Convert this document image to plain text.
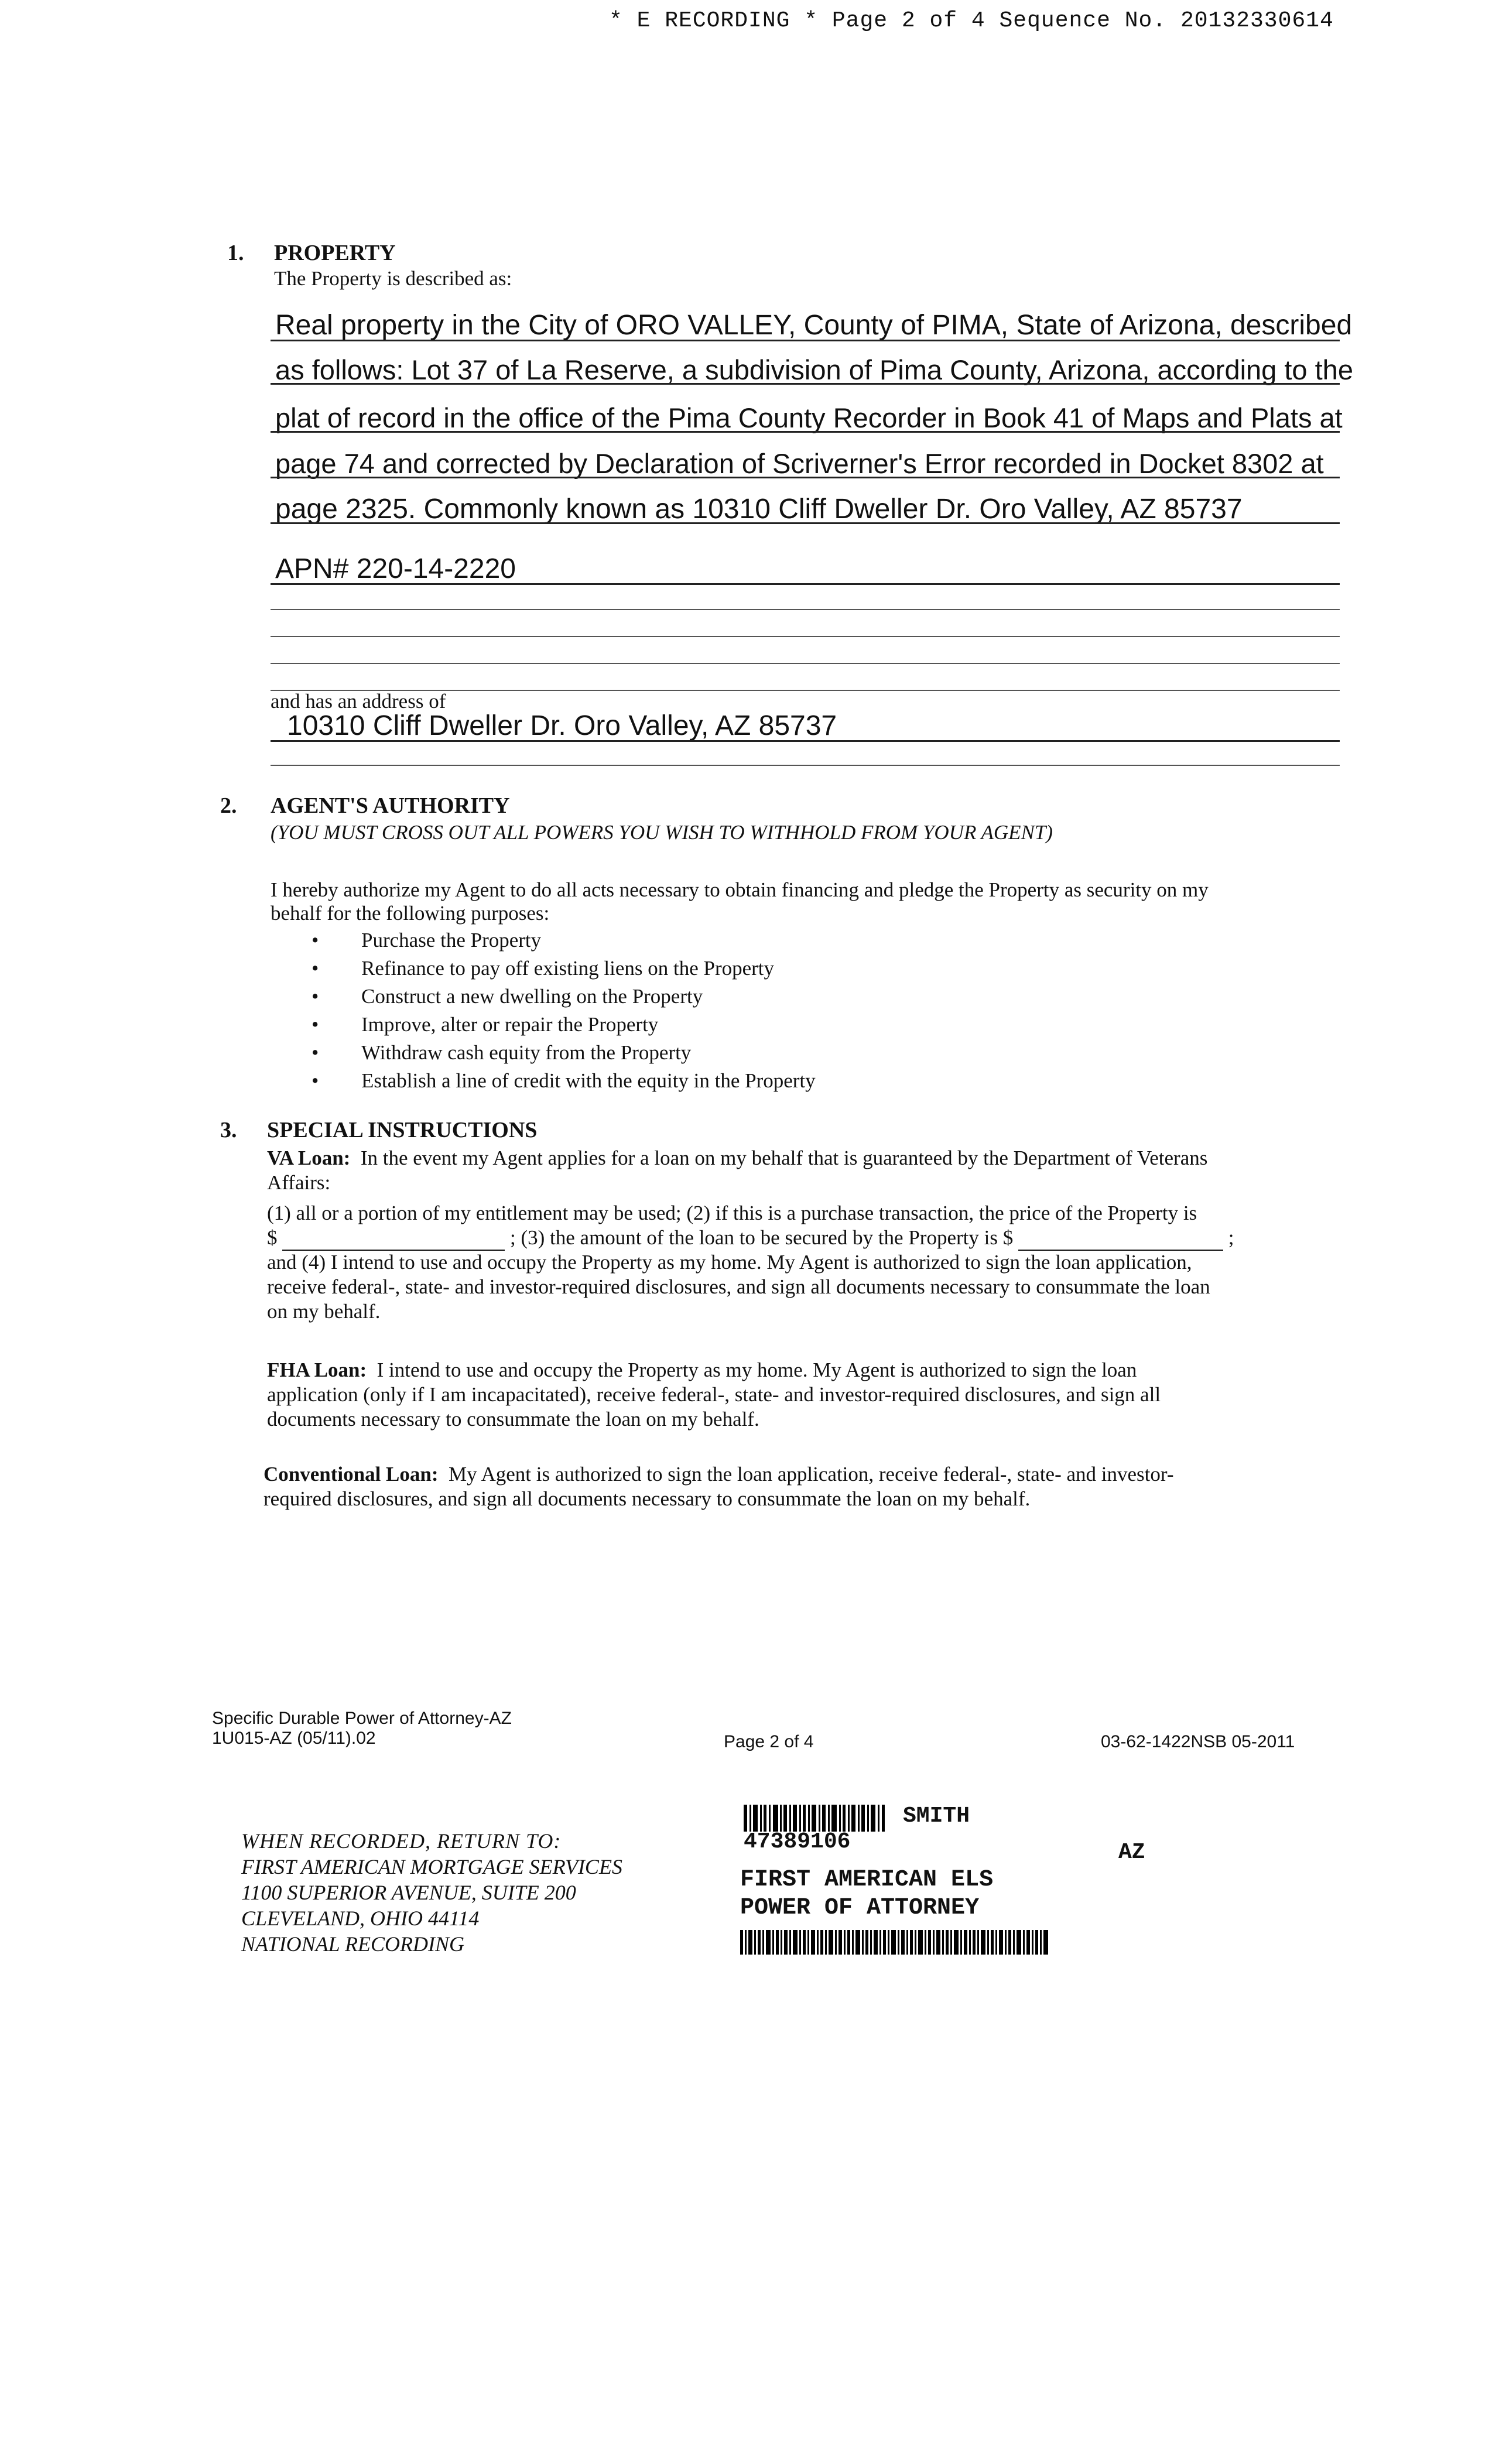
* E RECORDING * Page 2 of 4 Sequence No. 20132330614
1. PROPERTY
The Property is described as:
Real property in the City of ORO VALLEY, County of PIMA, State of Arizona, described
as follows: Lot 37 of La Reserve, a subdivision of Pima County, Arizona, according to the
plat of record in the office of the Pima County Recorder in Book 41 of Maps and Plats at
page 74 and corrected by Declaration of Scriverner's Error recorded in Docket 8302 at
page 2325. Commonly known as 10310 Cliff Dweller Dr. Oro Valley, AZ 85737
APN# 220-14-2220
and has an address of
10310 Cliff Dweller Dr. Oro Valley, AZ 85737
2. AGENT'S AUTHORITY
(YOU MUST CROSS OUT ALL POWERS YOU WISH TO WITHHOLD FROM YOUR AGENT)
I hereby authorize my Agent to do all acts necessary to obtain financing and pledge the Property as security on my
behalf for the following purposes:
• Purchase the Property
• Refinance to pay off existing liens on the Property
• Construct a new dwelling on the Property
• Improve, alter or repair the Property
• Withdraw cash equity from the Property
• Establish a line of credit with the equity in the Property
3. SPECIAL INSTRUCTIONS
VA Loan: In the event my Agent applies for a loan on my behalf that is guaranteed by the Department of Veterans
Affairs:
(1) all or a portion of my entitlement may be used; (2) if this is a purchase transaction, the price of the Property is
$	; (3) the amount of the loan to be secured by the Property is $	;
and (4) I intend to use and occupy the Property as my home. My Agent is authorized to sign the loan application,
receive federal-, state- and investor-required disclosures, and sign all documents necessary to consummate the loan
on my behalf.
FHA Loan: I intend to use and occupy the Property as my home. My Agent is authorized to sign the loan
application (only if I am incapacitated), receive federal-, state- and investor-required disclosures, and sign all
documents necessary to consummate the loan on my behalf.
Conventional Loan: My Agent is authorized to sign the loan application, receive federal-, state- and investor-
required disclosures, and sign all documents necessary to consummate the loan on my behalf.
Specific Durable Power of Attorney-AZ
1U015-AZ (05/11).02	Page 2 of 4	03-62-1422NSB 05-2011
WHEN RECORDED, RETURN TO:
FIRST AMERICAN MORTGAGE SERVICES
1100 SUPERIOR AVENUE, SUITE 200
CLEVELAND, OHIO 44114
NATIONAL RECORDING
SMITH
47389106	AZ
FIRST AMERICAN ELS
POWER OF ATTORNEY
